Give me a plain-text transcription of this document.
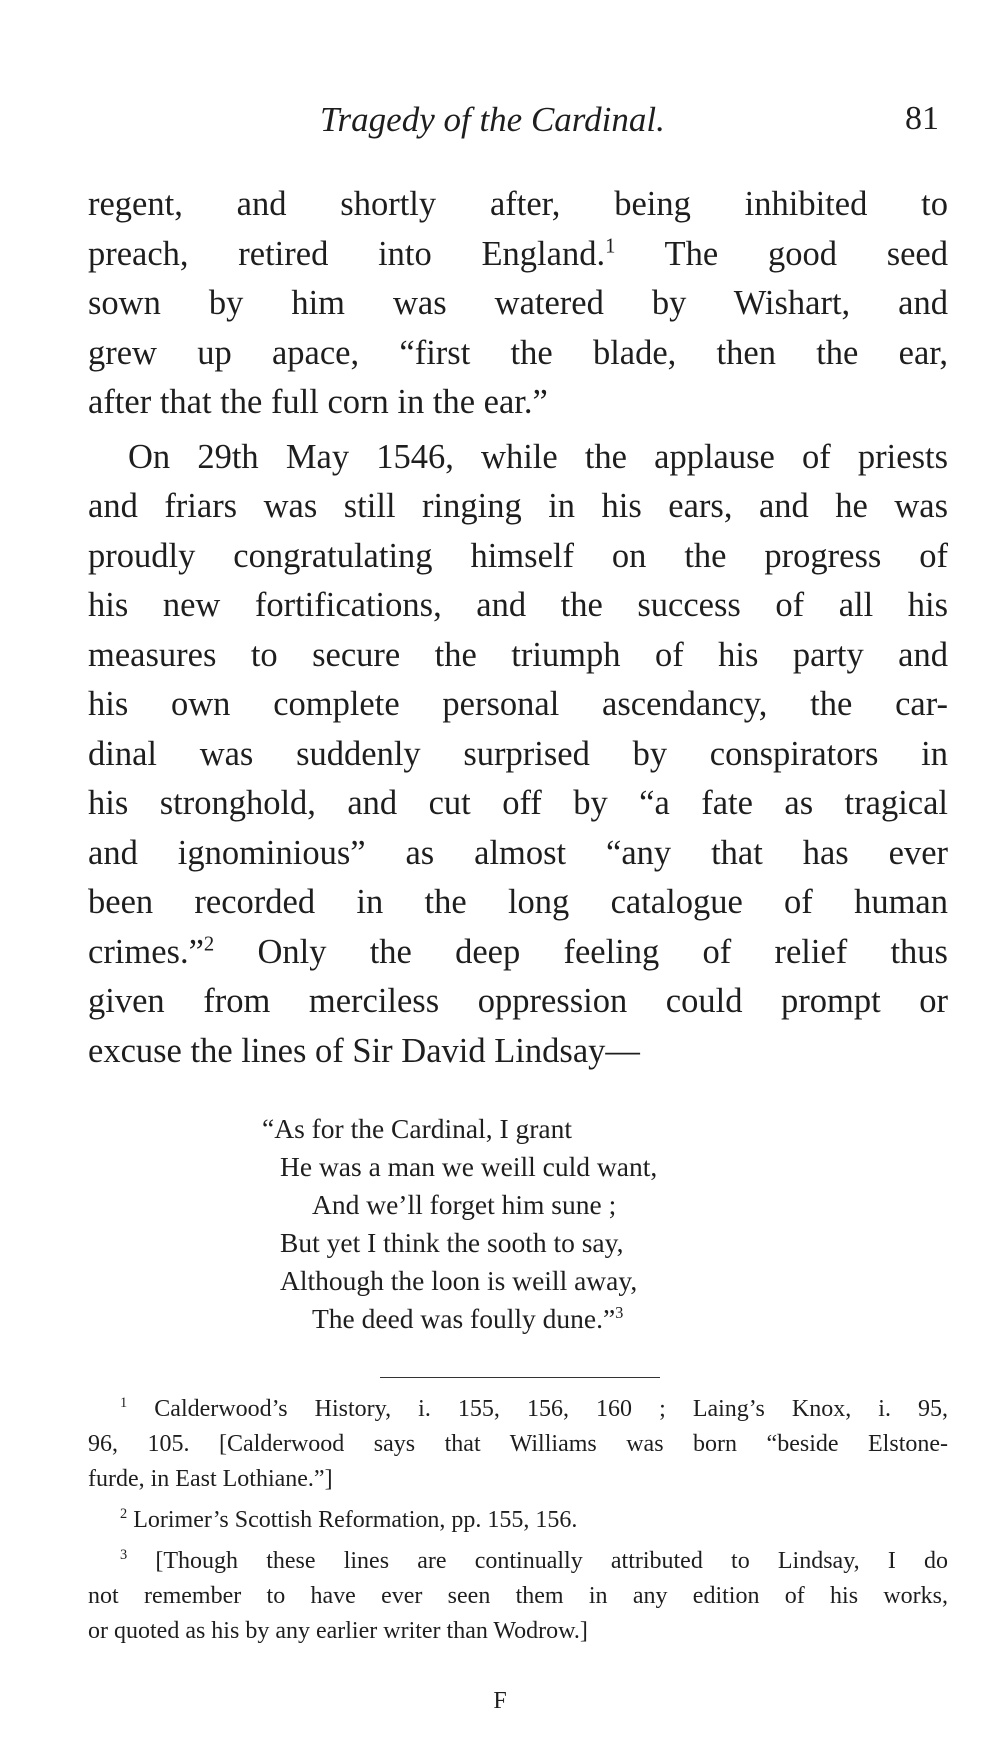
Tragedy of the Cardinal.	81

regent, and shortly after, being inhibited to
preach, retired into England.$^1$ The good seed
sown by him was watered by Wishart, and
grew up apace, “first the blade, then the ear,
after that the full corn in the ear.”

On 29th May 1546, while the applause of priests
and friars was still ringing in his ears, and he was
proudly congratulating himself on the progress of
his new fortifications, and the success of all his
measures to secure the triumph of his party and
his own complete personal ascendancy, the car-
dinal was suddenly surprised by conspirators in
his stronghold, and cut off by “a fate as tragical
and ignominious” as almost “any that has ever
been recorded in the long catalogue of human
crimes.”$^2$ Only the deep feeling of relief thus
given from merciless oppression could prompt or
excuse the lines of Sir David Lindsay—

“As for the Cardinal, I grant
He was a man we weill culd want,
And we’ll forget him sune ;
But yet I think the sooth to say,
Although the loon is weill away,
The deed was foully dune.”$^3$

$^1$ Calderwood’s History, i. 155, 156, 160 ; Laing’s Knox, i. 95,
96, 105. [Calderwood says that Williams was born “beside Elstone-
furde, in East Lothiane.”]

$^2$ Lorimer’s Scottish Reformation, pp. 155, 156.

$^3$ [Though these lines are continually attributed to Lindsay, I do
not remember to have ever seen them in any edition of his works,
or quoted as his by any earlier writer than Wodrow.]

F
